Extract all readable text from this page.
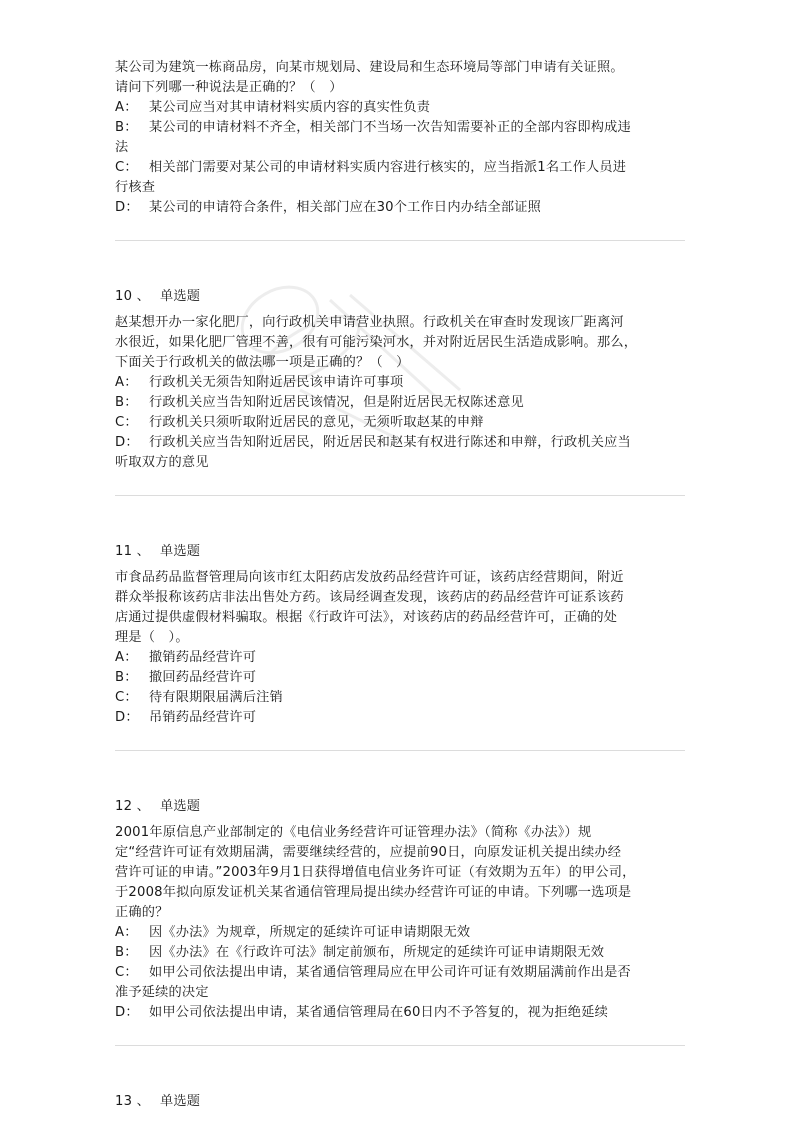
某公司为建筑一栋商品房，向某市规划局、建设局和生态环境局等部门申请有关证照。

请问下列哪一种说法是正确的？（　）

A： 某公司应当对其申请材料实质内容的真实性负责

B： 某公司的申请材料不齐全，相关部门不当场一次告知需要补正的全部内容即构成违

法

C： 相关部门需要对某公司的申请材料实质内容进行核实的，应当指派1名工作人员进

行核查

D： 某公司的申请符合条件，相关部门应在30个工作日内办结全部证照

10 、 单选题

赵某想开办一家化肥厂，向行政机关申请营业执照。行政机关在审查时发现该厂距离河

水很近，如果化肥厂管理不善，很有可能污染河水，并对附近居民生活造成影响。那么，

下面关于行政机关的做法哪一项是正确的？（　）

A： 行政机关无须告知附近居民该申请许可事项

B： 行政机关应当告知附近居民该情况，但是附近居民无权陈述意见

C： 行政机关只须听取附近居民的意见，无须听取赵某的申辩

D： 行政机关应当告知附近居民，附近居民和赵某有权进行陈述和申辩，行政机关应当

听取双方的意见

11 、 单选题

市食品药品监督管理局向该市红太阳药店发放药品经营许可证，该药店经营期间，附近

群众举报称该药店非法出售处方药。该局经调查发现，该药店的药品经营许可证系该药

店通过提供虚假材料骗取。根据《行政许可法》，对该药店的药品经营许可，正确的处

理是（　）。

A： 撤销药品经营许可

B： 撤回药品经营许可

C： 待有限期限届满后注销

D： 吊销药品经营许可

12 、 单选题

2001年原信息产业部制定的《电信业务经营许可证管理办法》（简称《办法》）规

定“经营许可证有效期届满，需要继续经营的，应提前90日，向原发证机关提出续办经

营许可证的申请。”2003年9月1日获得增值电信业务许可证（有效期为五年）的甲公司，

于2008年拟向原发证机关某省通信管理局提出续办经营许可证的申请。下列哪一选项是

正确的？

A： 因《办法》为规章，所规定的延续许可证申请期限无效

B： 因《办法》在《行政许可法》制定前颁布，所规定的延续许可证申请期限无效

C： 如甲公司依法提出申请，某省通信管理局应在甲公司许可证有效期届满前作出是否

准予延续的决定

D： 如甲公司依法提出申请，某省通信管理局在60日内不予答复的，视为拒绝延续

13 、 单选题
